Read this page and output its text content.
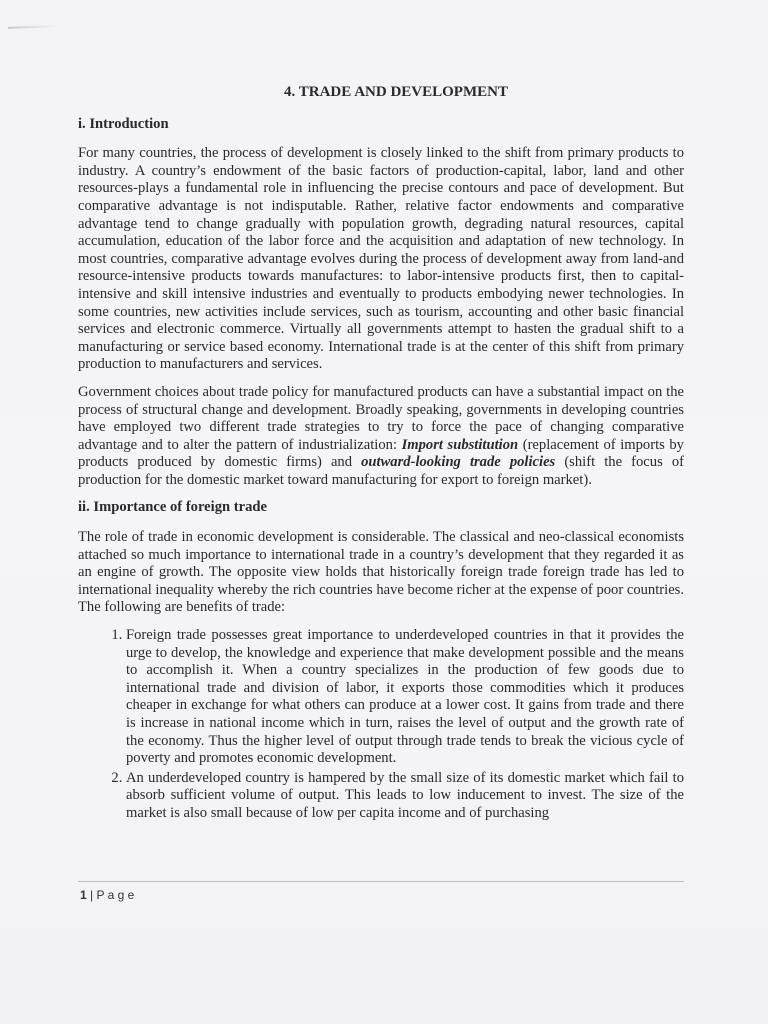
4. TRADE AND DEVELOPMENT
i. Introduction

For many countries, the process of development is closely linked to the shift from primary products to industry. A country’s endowment of the basic factors of production-capital, labor, land and other resources-plays a fundamental role in influencing the precise contours and pace of development. But comparative advantage is not indisputable. Rather, relative factor endowments and comparative advantage tend to change gradually with population growth, degrading natural resources, capital accumulation, education of the labor force and the acquisition and adaptation of new technology. In most countries, comparative advantage evolves during the process of development away from land-and resource-intensive products towards manufactures: to labor-intensive products first, then to capital-intensive and skill intensive industries and eventually to products embodying newer technologies. In some countries, new activities include services, such as tourism, accounting and other basic financial services and electronic commerce. Virtually all governments attempt to hasten the gradual shift to a manufacturing or service based economy. International trade is at the center of this shift from primary production to manufacturers and services.

Government choices about trade policy for manufactured products can have a substantial impact on the process of structural change and development. Broadly speaking, governments in developing countries have employed two different trade strategies to try to force the pace of changing comparative advantage and to alter the pattern of industrialization: Import substitution (replacement of imports by products produced by domestic firms) and outward-looking trade policies (shift the focus of production for the domestic market toward manufacturing for export to foreign market).

ii. Importance of foreign trade

The role of trade in economic development is considerable. The classical and neo-classical economists attached so much importance to international trade in a country’s development that they regarded it as an engine of growth. The opposite view holds that historically foreign trade foreign trade has led to international inequality whereby the rich countries have become richer at the expense of poor countries. The following are benefits of trade:

1. Foreign trade possesses great importance to underdeveloped countries in that it provides the urge to develop, the knowledge and experience that make development possible and the means to accomplish it. When a country specializes in the production of few goods due to international trade and division of labor, it exports those commodities which it produces cheaper in exchange for what others can produce at a lower cost. It gains from trade and there is increase in national income which in turn, raises the level of output and the growth rate of the economy. Thus the higher level of output through trade tends to break the vicious cycle of poverty and promotes economic development.
2. An underdeveloped country is hampered by the small size of its domestic market which fail to absorb sufficient volume of output. This leads to low inducement to invest. The size of the market is also small because of low per capita income and of purchasing
1 | P a g e
